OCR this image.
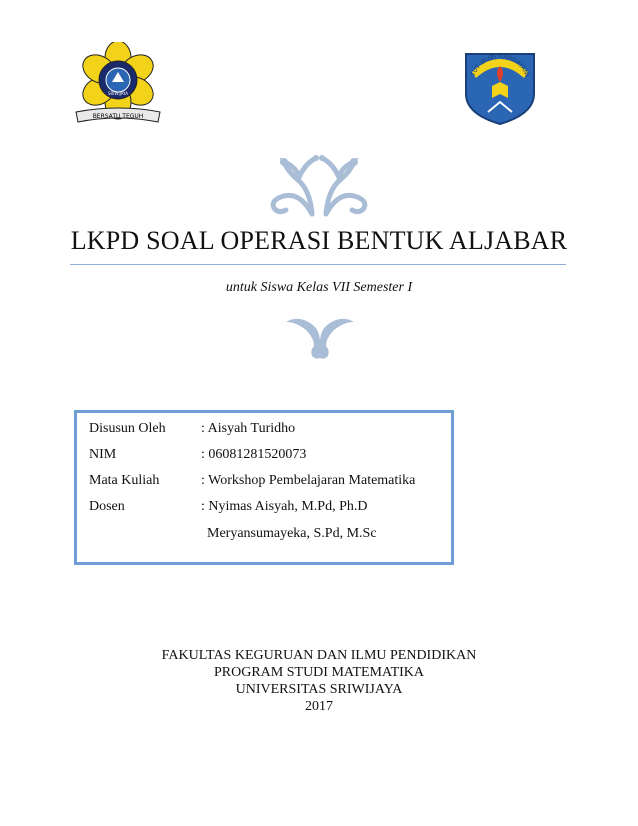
SRIWIJAYA
BERSATU TEGUH
TUT WURI HANDAYANI
LKPD SOAL OPERASI BENTUK ALJABAR
untuk Siswa Kelas VII Semester I
Disusun Oleh	: Aisyah Turidho
NIM	: 06081281520073
Mata Kuliah	: Workshop Pembelajaran Matematika
Dosen	: Nyimas Aisyah, M.Pd, Ph.D
Meryansumayeka, S.Pd, M.Sc
FAKULTAS KEGURUAN DAN ILMU PENDIDIKAN
PROGRAM STUDI MATEMATIKA
UNIVERSITAS SRIWIJAYA
2017
